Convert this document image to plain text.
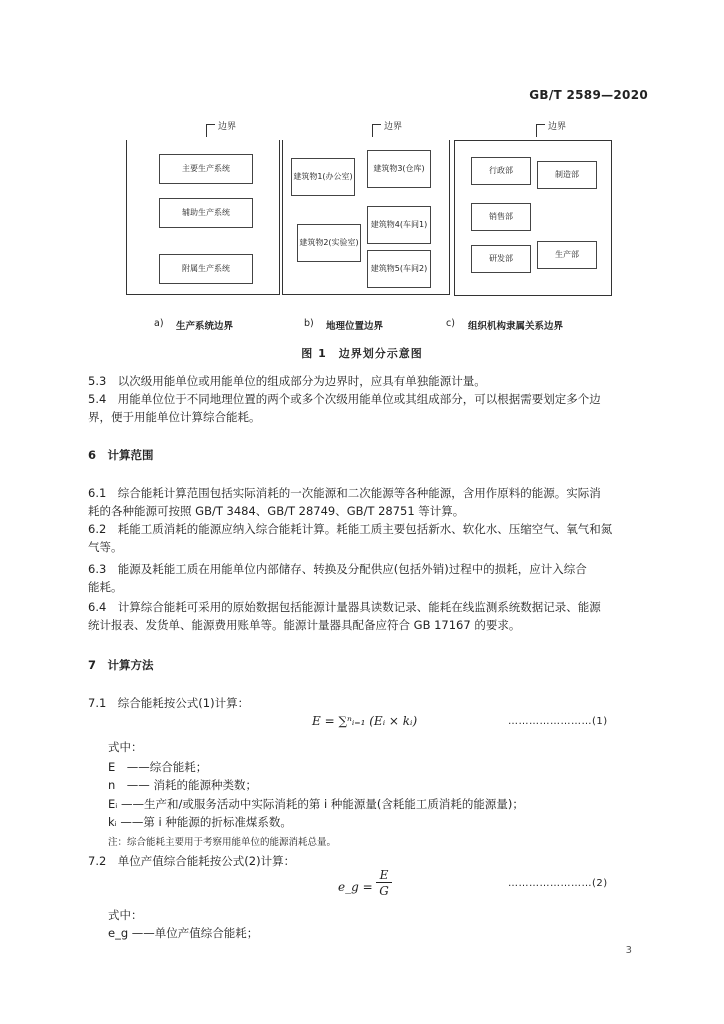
GB/T 2589—2020
主要生产系统
辅助生产系统
附属生产系统
边界
建筑物1 (办公室)
建筑物3 (仓库)
建筑物2 (实验室)
建筑物4 (车间1)
建筑物5 (车间2)
边界
行政部	制造部
销售部
研发部	生产部
边界
a) 生产系统边界	b) 地理位置边界	c) 组织机构隶属关系边界
图 1　边界划分示意图
5.3　以次级用能单位或用能单位的组成部分为边界时，应具有单独能源计量。
5.4　用能单位位于不同地理位置的两个或多个次级用能单位或其组成部分，可以根据需要划定多个边
界，便于用能单位计算综合能耗。
6　计算范围
6.1　综合能耗计算范围包括实际消耗的一次能源和二次能源等各种能源，含用作原料的能源。实际消
耗的各种能源可按照 GB/T 3484、GB/T 28749、GB/T 28751 等计算。
6.2　耗能工质消耗的能源应纳入综合能耗计算。耗能工质主要包括新水、软化水、压缩空气、氧气和氮
气等。
6.3　能源及耗能工质在用能单位内部储存、转换及分配供应(包括外销)过程中的损耗，应计入综合
能耗。
6.4　计算综合能耗可采用的原始数据包括能源计量器具读数记录、能耗在线监测系统数据记录、能源
统计报表、发货单、能源费用账单等。能源计量器具配备应符合 GB 17167 的要求。
7　计算方法
7.1　综合能耗按公式(1)计算：
E = ∑ⁿᵢ₌₁ (Eᵢ × kᵢ)	……………………(1)
式中：
E　——综合能耗；
n　—— 消耗的能源种类数；
Eᵢ ——生产和/或服务活动中实际消耗的第 i 种能源量(含耗能工质消耗的能源量)；
kᵢ ——第 i 种能源的折标准煤系数。
注：综合能耗主要用于考察用能单位的能源消耗总量。
7.2　单位产值综合能耗按公式(2)计算：
e_g =
E
G
……………………(2)
式中：
e_g ——单位产值综合能耗；
3
